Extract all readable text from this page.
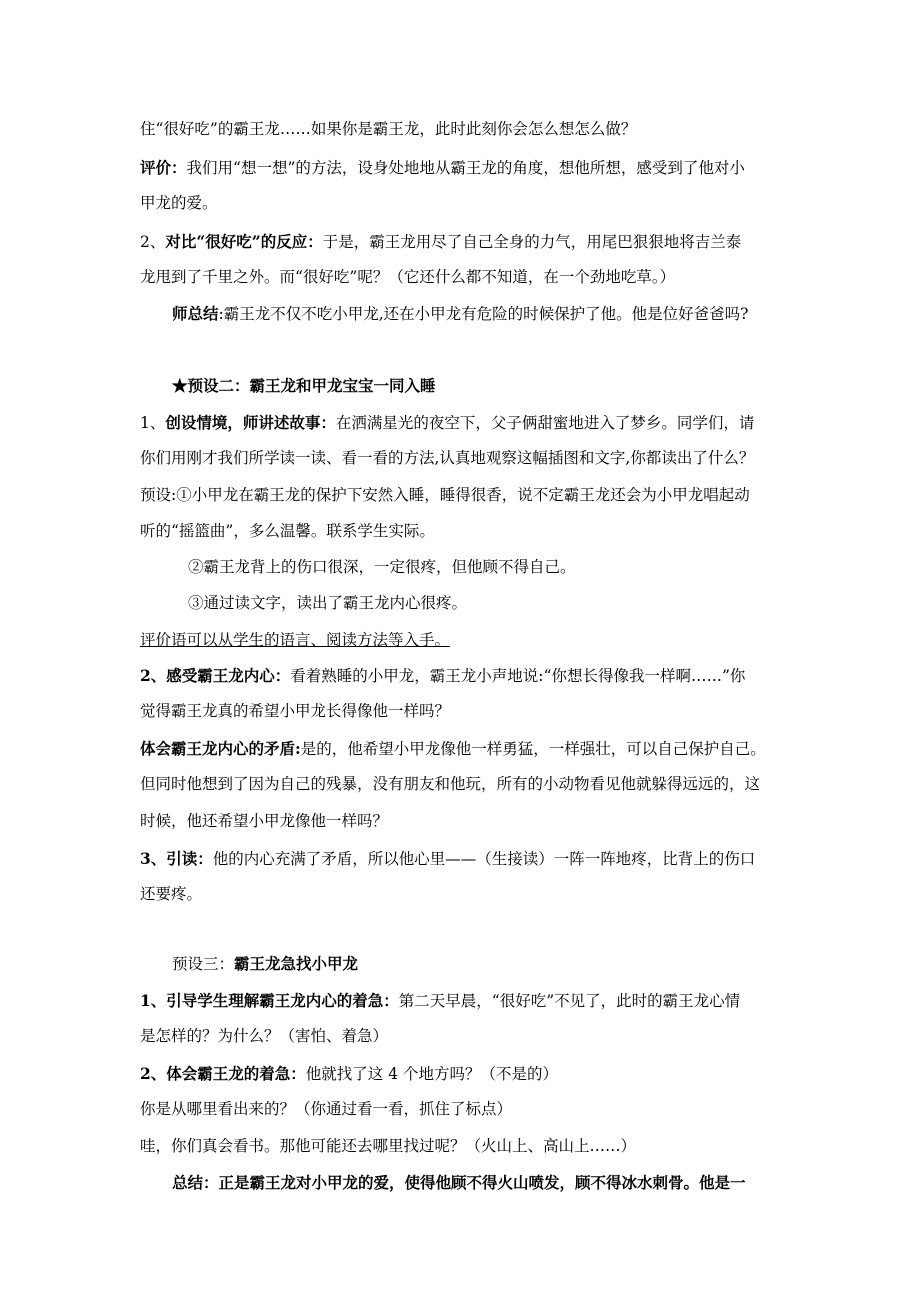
住“很好吃”的霸王龙……如果你是霸王龙，此时此刻你会怎么想怎么做？

评价：我们用“想一想”的方法，设身处地地从霸王龙的角度，想他所想，感受到了他对小

甲龙的爱。

2、对比“很好吃”的反应：于是，霸王龙用尽了自己全身的力气，用尾巴狠狠地将吉兰泰

龙甩到了千里之外。而“很好吃”呢？（它还什么都不知道，在一个劲地吃草。）

师总结:霸王龙不仅不吃小甲龙,还在小甲龙有危险的时候保护了他。他是位好爸爸吗?

★预设二：霸王龙和甲龙宝宝一同入睡

1、创设情境，师讲述故事：在洒满星光的夜空下，父子俩甜蜜地进入了梦乡。同学们，请

你们用刚才我们所学读一读、看一看的方法,认真地观察这幅插图和文字,你都读出了什么？

预设:①小甲龙在霸王龙的保护下安然入睡，睡得很香，说不定霸王龙还会为小甲龙唱起动

听的“摇篮曲”，多么温馨。联系学生实际。

②霸王龙背上的伤口很深，一定很疼，但他顾不得自己。

③通过读文字，读出了霸王龙内心很疼。

评价语可以从学生的语言、阅读方法等入手。

2、感受霸王龙内心：看着熟睡的小甲龙，霸王龙小声地说:“你想长得像我一样啊……”你

觉得霸王龙真的希望小甲龙长得像他一样吗？

体会霸王龙内心的矛盾:是的，他希望小甲龙像他一样勇猛，一样强壮，可以自己保护自己。

但同时他想到了因为自己的残暴，没有朋友和他玩，所有的小动物看见他就躲得远远的，这

时候，他还希望小甲龙像他一样吗？

3、引读：他的内心充满了矛盾，所以他心里——（生接读）一阵一阵地疼，比背上的伤口

还要疼。

预设三：霸王龙急找小甲龙

1、引导学生理解霸王龙内心的着急：第二天早晨，“很好吃”不见了，此时的霸王龙心情

是怎样的？为什么？（害怕、着急）

2、体会霸王龙的着急：他就找了这 4 个地方吗？（不是的）

你是从哪里看出来的？（你通过看一看，抓住了标点）

哇，你们真会看书。那他可能还去哪里找过呢？（火山上、高山上……）

总结：正是霸王龙对小甲龙的爱，使得他顾不得火山喷发，顾不得冰水刺骨。他是一
